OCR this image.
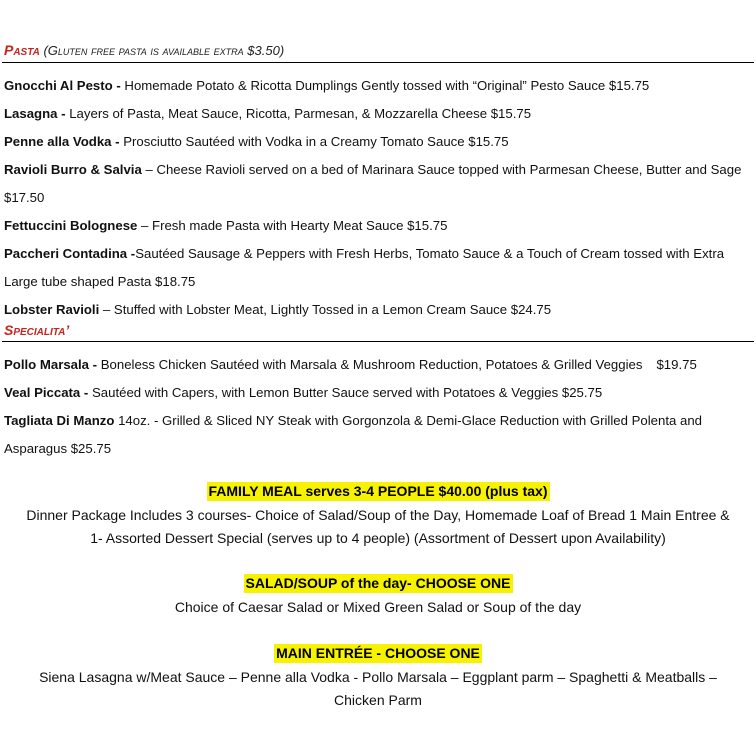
Pasta (Gluten free pasta is available extra $3.50)
Gnocchi Al Pesto - Homemade Potato & Ricotta Dumplings Gently tossed with “Original” Pesto Sauce $15.75
Lasagna - Layers of Pasta, Meat Sauce, Ricotta, Parmesan, & Mozzarella Cheese $15.75
Penne alla Vodka - Prosciutto Sautéed with Vodka in a Creamy Tomato Sauce $15.75
Ravioli Burro & Salvia – Cheese Ravioli served on a bed of Marinara Sauce topped with Parmesan Cheese, Butter and Sage $17.50
Fettuccini Bolognese – Fresh made Pasta with Hearty Meat Sauce $15.75
Paccheri Contadina -Sautéed Sausage & Peppers with Fresh Herbs, Tomato Sauce & a Touch of Cream tossed with Extra Large tube shaped Pasta $18.75
Lobster Ravioli – Stuffed with Lobster Meat, Lightly Tossed in a Lemon Cream Sauce $24.75
Specialita’
Pollo Marsala - Boneless Chicken Sautéed with Marsala & Mushroom Reduction, Potatoes & Grilled Veggies $19.75
Veal Piccata - Sautéed with Capers, with Lemon Butter Sauce served with Potatoes & Veggies $25.75
Tagliata Di Manzo 14oz. - Grilled & Sliced NY Steak with Gorgonzola & Demi-Glace Reduction with Grilled Polenta and Asparagus $25.75
FAMILY MEAL serves 3-4 PEOPLE $40.00 (plus tax)
Dinner Package Includes 3 courses- Choice of Salad/Soup of the Day, Homemade Loaf of Bread 1 Main Entree &
1- Assorted Dessert Special (serves up to 4 people) (Assortment of Dessert upon Availability)
SALAD/SOUP of the day- CHOOSE ONE
Choice of Caesar Salad or Mixed Green Salad or Soup of the day
MAIN ENTRÉE - CHOOSE ONE
Siena Lasagna w/Meat Sauce – Penne alla Vodka - Pollo Marsala – Eggplant parm – Spaghetti & Meatballs –
Chicken Parm
